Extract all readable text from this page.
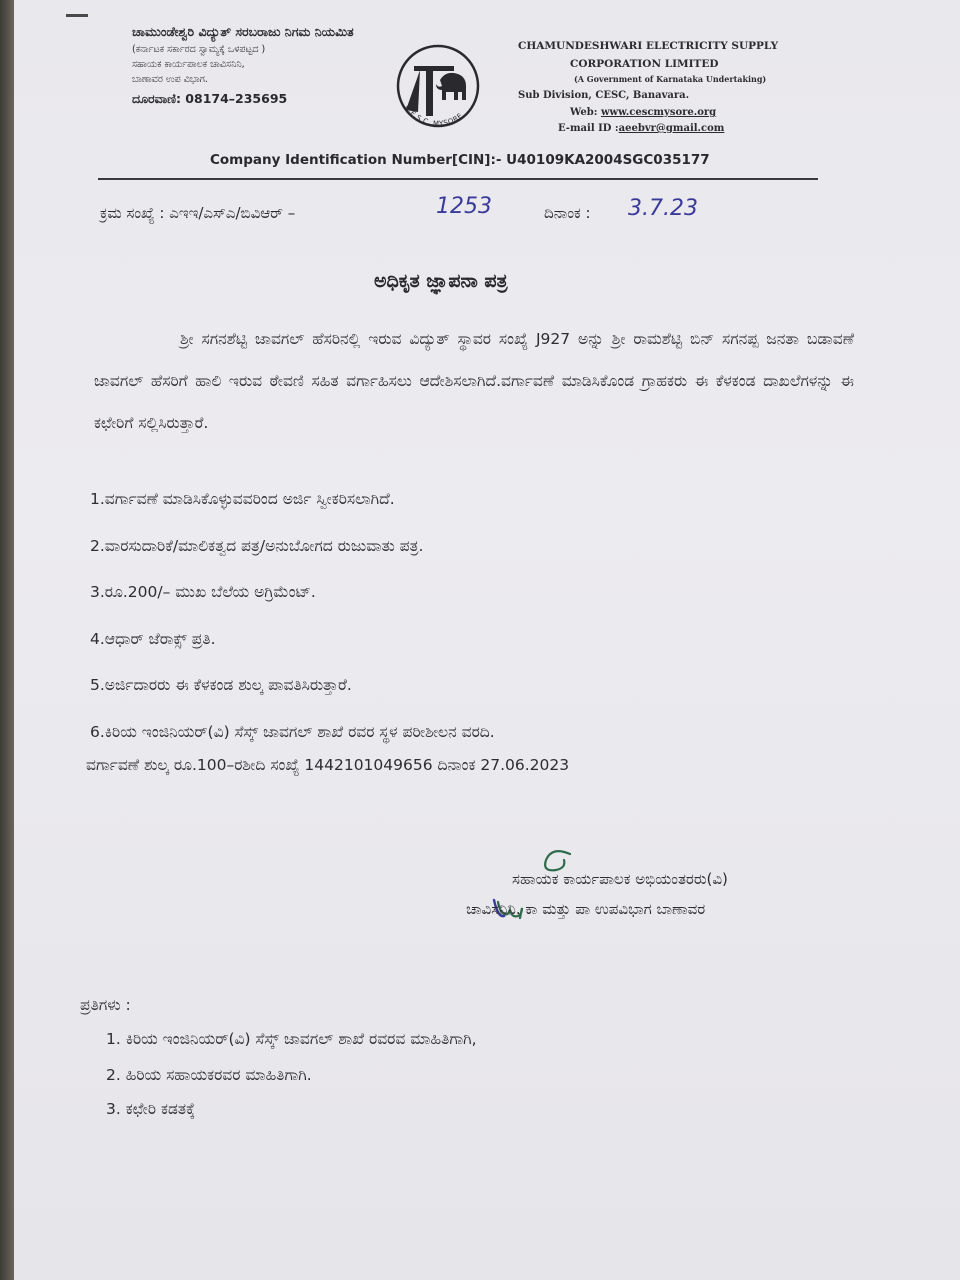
ಚಾಮುಂಡೇಶ್ವರಿ ವಿದ್ಯುತ್ ಸರಬರಾಜು ನಿಗಮ ನಿಯಮಿತ
(ಕರ್ನಾಟಕ ಸರ್ಕಾರದ ಸ್ವಾಮ್ಯಕ್ಕೆ ಒಳಪಟ್ಟದ )
ಸಹಾಯಕ ಕಾರ್ಯಪಾಲಕ ಚಾವಿಸನಿನಿ,
ಬಾಣಾವರ ಉಪ ವಿಭಾಗ.
ದೂರವಾಣಿ: 08174–235695
C.E.S.C. MYSORE
CHAMUNDESHWARI ELECTRICITY SUPPLY
CORPORATION LIMITED
(A Government of Karnataka Undertaking)
Sub Division, CESC, Banavara.
Web: www.cescmysore.org
E-mail ID :aeebvr@gmail.com
Company Identification Number[CIN]:- U40109KA2004SGC035177
ಕ್ರಮ ಸಂಖ್ಯೆ : ಎಇಇ/ಎಸ್ಎ/ಬಿವಿಆರ್ –	1253	ದಿನಾಂಕ : 3.7.23
ಅಧಿಕೃತ ಜ್ಞಾಪನಾ ಪತ್ರ
ಶ್ರೀ ಸಗನಶೆಟ್ಟಿ ಜಾವಗಲ್ ಹೆಸರಿನಲ್ಲಿ ಇರುವ ವಿದ್ಯುತ್ ಸ್ಥಾವರ ಸಂಖ್ಯೆ J927 ಅನ್ನು ಶ್ರೀ ರಾಮಶೆಟ್ಟಿ ಬಿನ್ ಸಗನಪ್ಪ ಜನತಾ ಬಡಾವಣೆ ಜಾವಗಲ್ ಹೆಸರಿಗೆ ಹಾಲಿ ಇರುವ ಠೇವಣಿ ಸಹಿತ ವರ್ಗಾಹಿಸಲು ಆದೇಶಿಸಲಾಗಿದೆ.ವರ್ಗಾವಣೆ ಮಾಡಿಸಿಕೊಂಡ ಗ್ರಾಹಕರು ಈ ಕೆಳಕಂಡ ದಾಖಲೆಗಳನ್ನು ಈ ಕಛೇರಿಗೆ ಸಲ್ಲಿಸಿರುತ್ತಾರೆ.
1.ವರ್ಗಾವಣೆ ಮಾಡಿಸಿಕೊಳ್ಳುವವರಿಂದ ಅರ್ಜಿ ಸ್ವೀಕರಿಸಲಾಗಿದೆ.
2.ವಾರಸುದಾರಿಕೆ/ಮಾಲಿಕತ್ವದ ಪತ್ರ/ಅನುಬೋಗದ ರುಜುವಾತು ಪತ್ರ.
3.ರೂ.200/– ಮುಖ ಬೆಲೆಯ ಅಗ್ರಿಮೆಂಟ್.
4.ಆಧಾರ್ ಜೆರಾಕ್ಸ್ ಪ್ರತಿ.
5.ಅರ್ಜಿದಾರರು ಈ ಕೆಳಕಂಡ ಶುಲ್ಕ ಪಾವತಿಸಿರುತ್ತಾರೆ.
6.ಕಿರಿಯ ಇಂಜಿನಿಯರ್(ವಿ) ಸೆಸ್ಕ್ ಜಾವಗಲ್ ಶಾಖೆ ರವರ ಸ್ಥಳ ಪರೀಶೀಲನ ವರದಿ.
ವರ್ಗಾವಣೆ ಶುಲ್ಕ ರೂ.100–ರಶೀದಿ ಸಂಖ್ಯೆ 1442101049656 ದಿನಾಂಕ 27.06.2023
ಸಹಾಯಕ ಕಾರ್ಯಪಾಲಕ ಅಭಿಯಂತರರು(ವಿ)
ಚಾವಿಸನಿನಿ. ಕಾ ಮತ್ತು ಪಾ ಉಪವಿಭಾಗ ಬಾಣಾವರ
ಪ್ರತಿಗಳು :
1. ಕಿರಿಯ ಇಂಜಿನಿಯರ್(ವಿ) ಸೆಸ್ಕ್ ಜಾವಗಲ್ ಶಾಖೆ ರವರವ ಮಾಹಿತಿಗಾಗಿ,
2. ಹಿರಿಯ ಸಹಾಯಕರವರ ಮಾಹಿತಿಗಾಗಿ.
3. ಕಛೇರಿ ಕಡತಕ್ಕೆ
